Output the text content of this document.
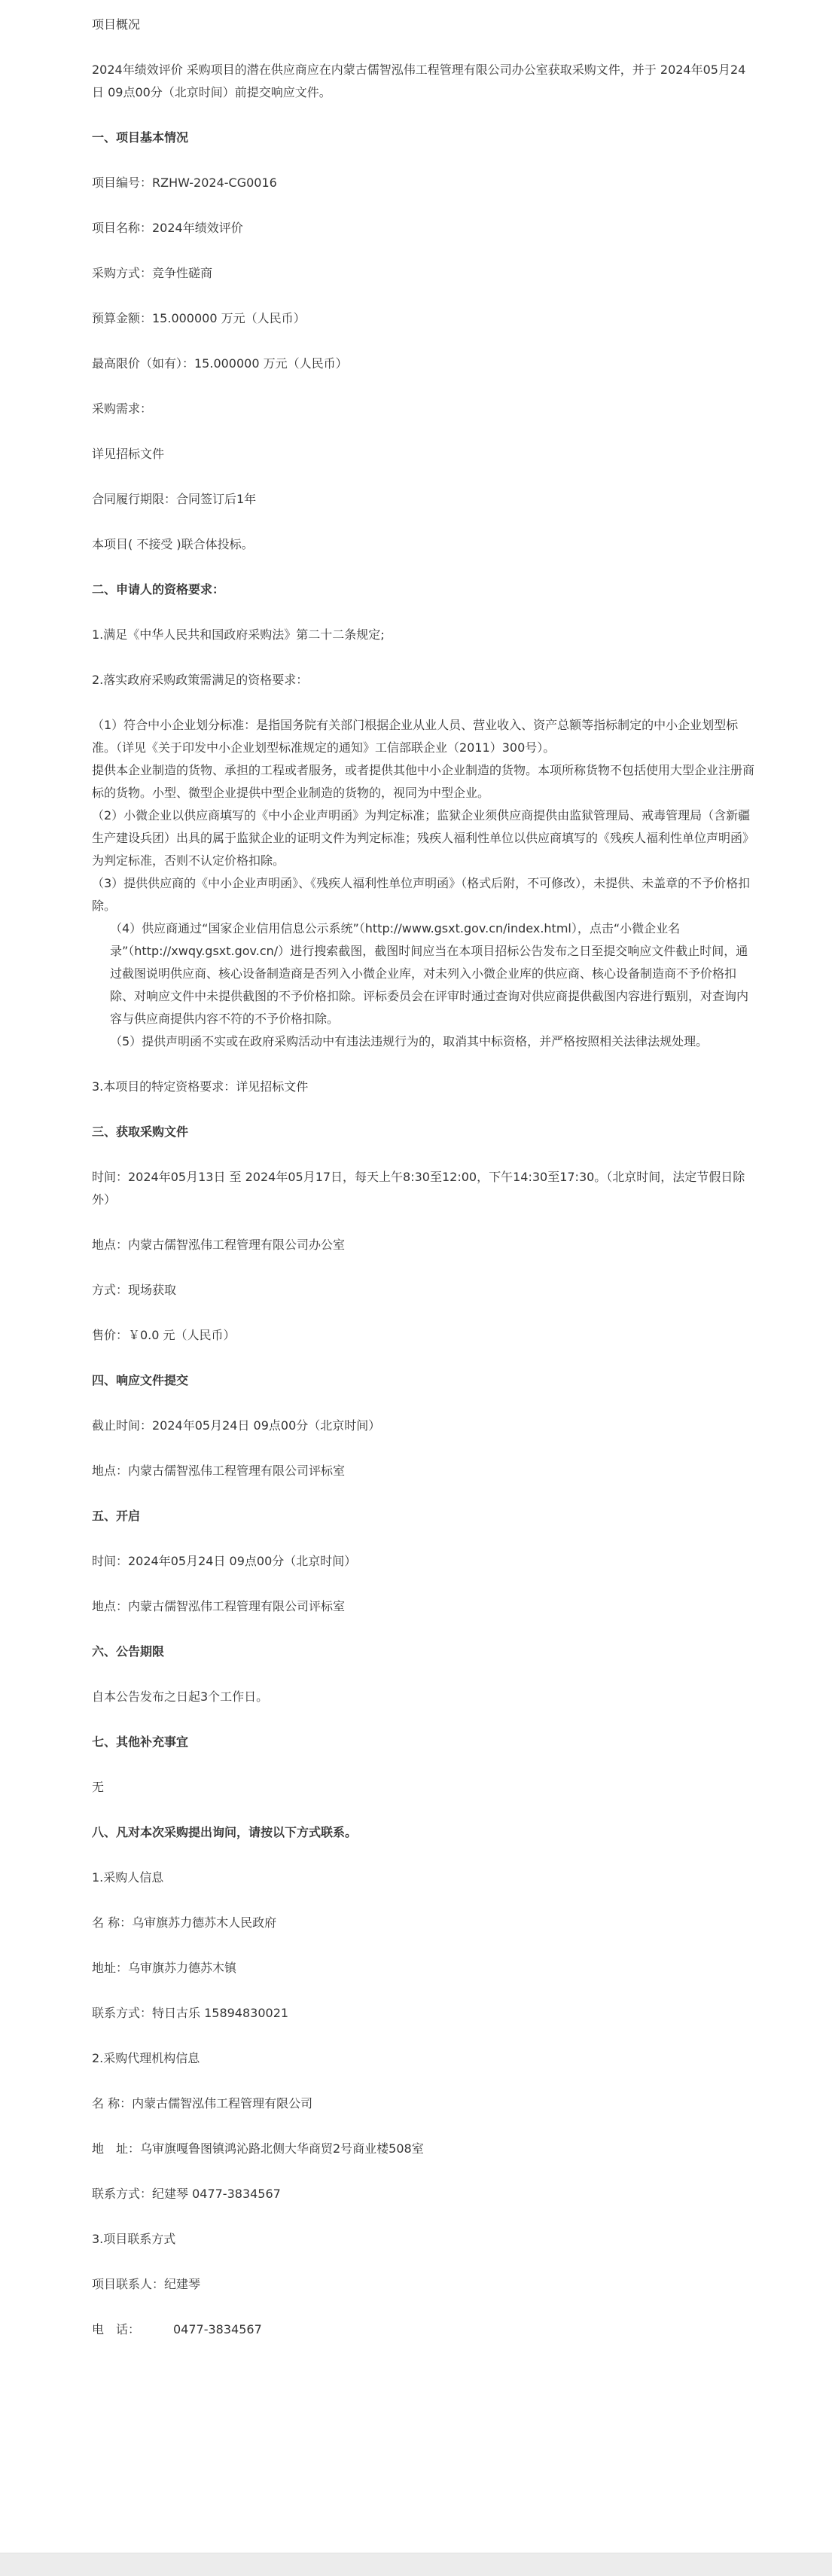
项目概况
2024年绩效评价 采购项目的潜在供应商应在内蒙古儒智泓伟工程管理有限公司办公室获取采购文件，并于 2024年05月24日 09点00分（北京时间）前提交响应文件。
一、项目基本情况
项目编号：RZHW-2024-CG0016
项目名称：2024年绩效评价
采购方式：竞争性磋商
预算金额：15.000000 万元（人民币）
最高限价（如有）：15.000000 万元（人民币）
采购需求：
详见招标文件
合同履行期限：合同签订后1年
本项目( 不接受 )联合体投标。
二、申请人的资格要求：
1.满足《中华人民共和国政府采购法》第二十二条规定;
2.落实政府采购政策需满足的资格要求：
（1）符合中小企业划分标准：是指国务院有关部门根据企业从业人员、营业收入、资产总额等指标制定的中小企业划型标准。（详见《关于印发中小企业划型标准规定的通知》工信部联企业（2011）300号）。
提供本企业制造的货物、承担的工程或者服务，或者提供其他中小企业制造的货物。本项所称货物不包括使用大型企业注册商标的货物。小型、微型企业提供中型企业制造的货物的，视同为中型企业。
（2）小微企业以供应商填写的《中小企业声明函》为判定标准；监狱企业须供应商提供由监狱管理局、戒毒管理局（含新疆生产建设兵团）出具的属于监狱企业的证明文件为判定标准；残疾人福利性单位以供应商填写的《残疾人福利性单位声明函》为判定标准，否则不认定价格扣除。
（3）提供供应商的《中小企业声明函》、《残疾人福利性单位声明函》（格式后附，不可修改），未提供、未盖章的不予价格扣除。
（4）供应商通过“国家企业信用信息公示系统”（http://www.gsxt.gov.cn/index.html），点击“小微企业名录”（http://xwqy.gsxt.gov.cn/）进行搜索截图，截图时间应当在本项目招标公告发布之日至提交响应文件截止时间，通过截图说明供应商、核心设备制造商是否列入小微企业库，对未列入小微企业库的供应商、核心设备制造商不予价格扣除、对响应文件中未提供截图的不予价格扣除。评标委员会在评审时通过查询对供应商提供截图内容进行甄别，对查询内容与供应商提供内容不符的不予价格扣除。
（5）提供声明函不实或在政府采购活动中有违法违规行为的，取消其中标资格，并严格按照相关法律法规处理。
3.本项目的特定资格要求：详见招标文件
三、获取采购文件
时间：2024年05月13日 至 2024年05月17日，每天上午8:30至12:00，下午14:30至17:30。（北京时间，法定节假日除外）
地点：内蒙古儒智泓伟工程管理有限公司办公室
方式：现场获取
售价：￥0.0 元（人民币）
四、响应文件提交
截止时间：2024年05月24日 09点00分（北京时间）
地点：内蒙古儒智泓伟工程管理有限公司评标室
五、开启
时间：2024年05月24日 09点00分（北京时间）
地点：内蒙古儒智泓伟工程管理有限公司评标室
六、公告期限
自本公告发布之日起3个工作日。
七、其他补充事宜
无
八、凡对本次采购提出询问，请按以下方式联系。
1.采购人信息
名 称：乌审旗苏力德苏木人民政府
地址：乌审旗苏力德苏木镇
联系方式：特日古乐 15894830021
2.采购代理机构信息
名 称：内蒙古儒智泓伟工程管理有限公司
地　址：乌审旗嘎鲁图镇鸿沁路北侧大华商贸2号商业楼508室
联系方式：纪建琴 0477-3834567
3.项目联系方式
项目联系人：纪建琴
电　话：	0477-3834567
